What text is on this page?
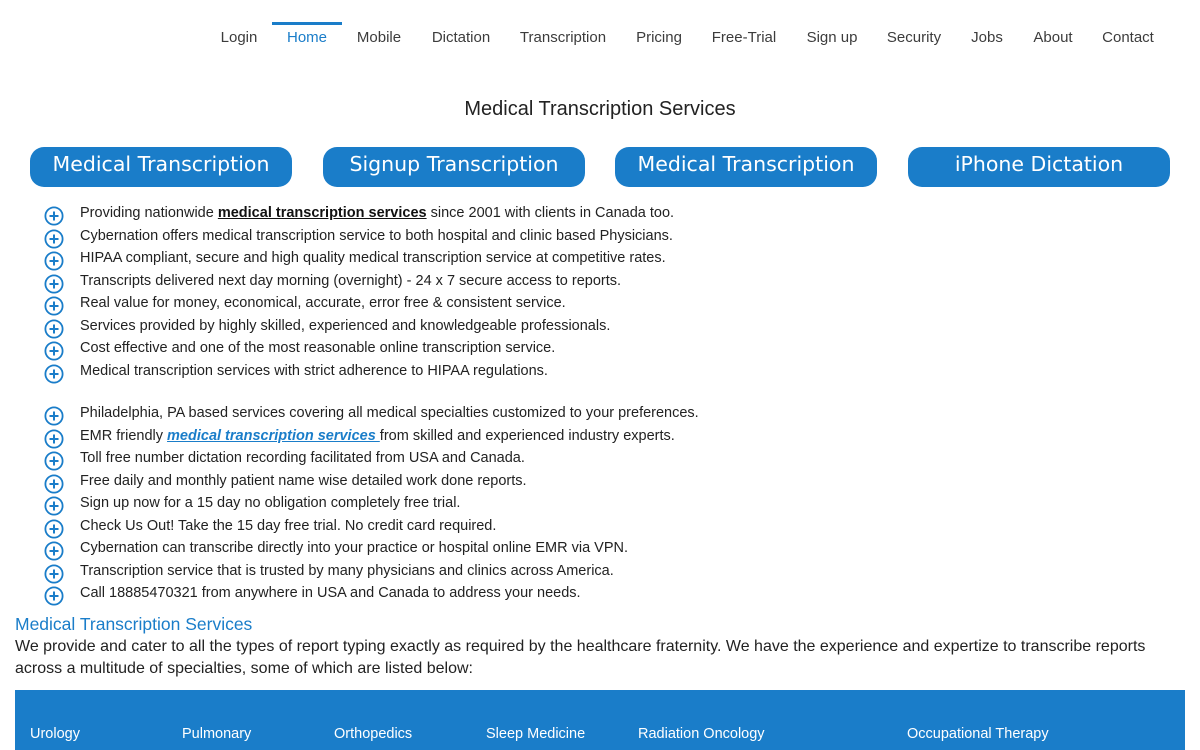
Login	Home	Mobile	Dictation	Transcription	Pricing	Free-Trial	Sign up	Security	Jobs	About	Contact
Medical Transcription Services
Medical Transcription Rates
Signup Transcription Trial
Medical Transcription Services
iPhone Dictation Service
Providing nationwide medical transcription services since 2001 with clients in Canada too.
Cybernation offers medical transcription service to both hospital and clinic based Physicians.
HIPAA compliant, secure and high quality medical transcription service at competitive rates.
Transcripts delivered next day morning (overnight) - 24 x 7 secure access to reports.
Real value for money, economical, accurate, error free & consistent service.
Services provided by highly skilled, experienced and knowledgeable professionals.
Cost effective and one of the most reasonable online transcription service.
Medical transcription services with strict adherence to HIPAA regulations.
Philadelphia, PA based services covering all medical specialties customized to your preferences.
EMR friendly medical transcription services from skilled and experienced industry experts.
Toll free number dictation recording facilitated from USA and Canada.
Free daily and monthly patient name wise detailed work done reports.
Sign up now for a 15 day no obligation completely free trial.
Check Us Out! Take the 15 day free trial. No credit card required.
Cybernation can transcribe directly into your practice or hospital online EMR via VPN.
Transcription service that is trusted by many physicians and clinics across America.
Call 18885470321 from anywhere in USA and Canada to address your needs.
Medical Transcription Services
We provide and cater to all the types of report typing exactly as required by the healthcare fraternity. We have the experience and expertize to transcribe reports across a multitude of specialties, some of which are listed below:
Urology	Pulmonary	Orthopedics	Sleep Medicine	Radiation Oncology	Occupational Therapy
